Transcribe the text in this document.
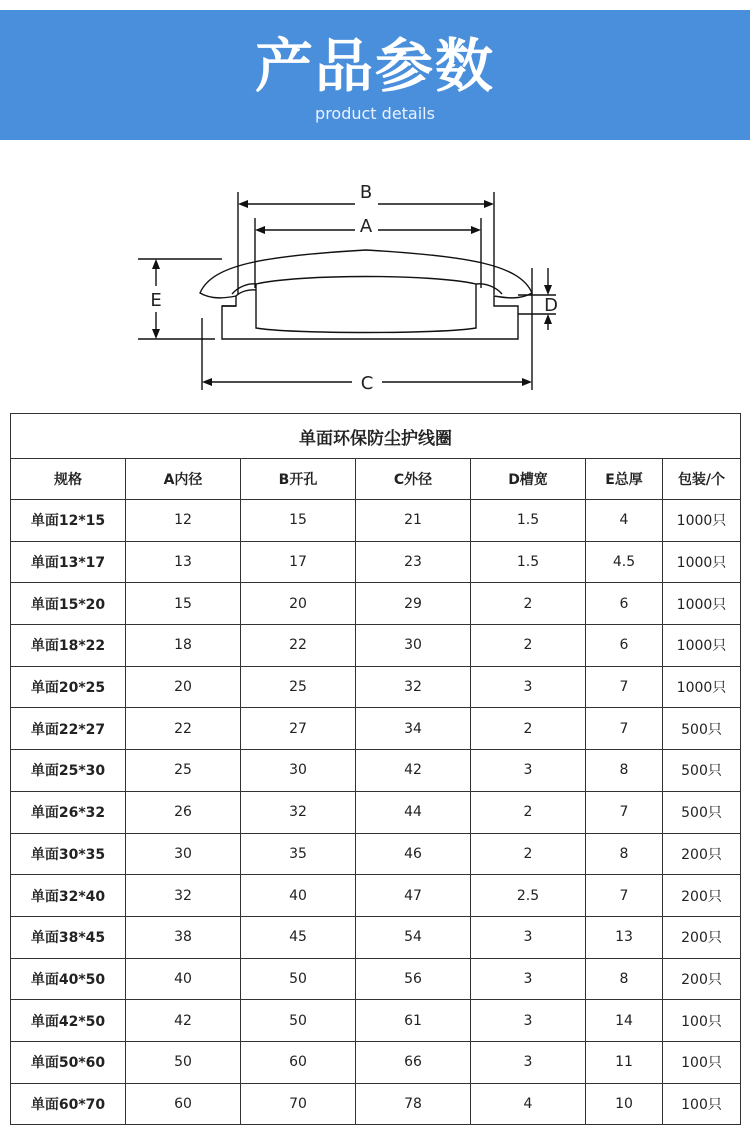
产品参数
product details
B
A
C
E	D
单面环保防尘护线圈						
规格	A内径	B开孔	C外径	D槽宽	E总厚	包装/个
单面12*15	12	15	21	1.5	4	1000只
单面13*17	13	17	23	1.5	4.5	1000只
单面15*20	15	20	29	2	6	1000只
单面18*22	18	22	30	2	6	1000只
单面20*25	20	25	32	3	7	1000只
单面22*27	22	27	34	2	7	500只
单面25*30	25	30	42	3	8	500只
单面26*32	26	32	44	2	7	500只
单面30*35	30	35	46	2	8	200只
单面32*40	32	40	47	2.5	7	200只
单面38*45	38	45	54	3	13	200只
单面40*50	40	50	56	3	8	200只
单面42*50	42	50	61	3	14	100只
单面50*60	50	60	66	3	11	100只
单面60*70	60	70	78	4	10	100只
